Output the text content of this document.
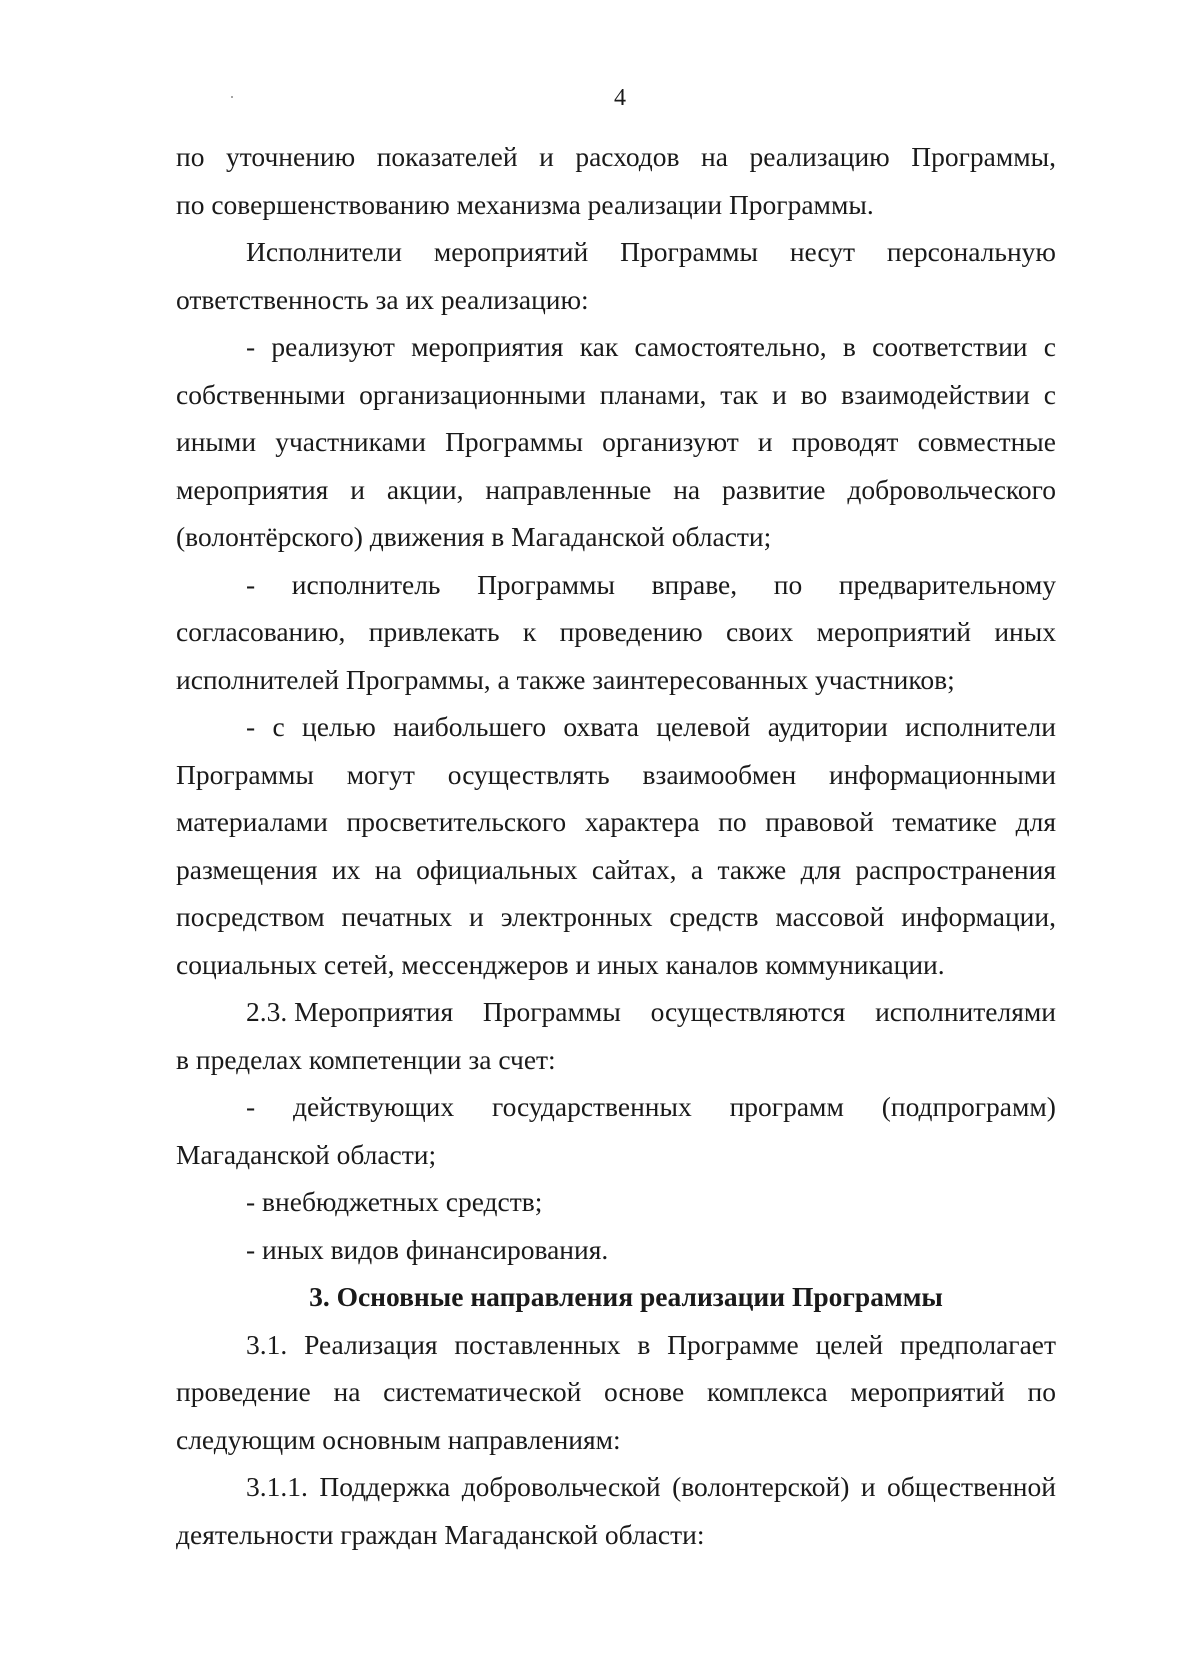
4

по уточнению показателей и расходов на реализацию Программы,

по совершенствованию механизма реализации Программы.

Исполнители мероприятий Программы несут персональную

ответственность за их реализацию:

- реализуют мероприятия как самостоятельно, в соответствии с собственными организационными планами, так и во взаимодействии с иными участниками Программы организуют и проводят совместные мероприятия и акции, направленные на развитие добровольческого (волонтёрского) движения в Магаданской области;

- исполнитель Программы вправе, по предварительному

согласованию, привлекать к проведению своих мероприятий иных исполнителей Программы, а также заинтересованных участников;

- с целью наибольшего охвата целевой аудитории исполнители Программы могут осуществлять взаимообмен информационными материалами просветительского характера по правовой тематике для размещения их на официальных сайтах, а также для распространения посредством печатных и электронных средств массовой информации, социальных сетей, мессенджеров и иных каналов коммуникации.

2.3. Мероприятия Программы осуществляются исполнителями

в пределах компетенции за счет:

- действующих государственных программ (подпрограмм)

Магаданской области;

- внебюджетных средств;

- иных видов финансирования.

3. Основные направления реализации Программы

3.1. Реализация поставленных в Программе целей предполагает проведение на систематической основе комплекса мероприятий по следующим основным направлениям:

3.1.1. Поддержка добровольческой (волонтерской) и общественной деятельности граждан Магаданской области:
